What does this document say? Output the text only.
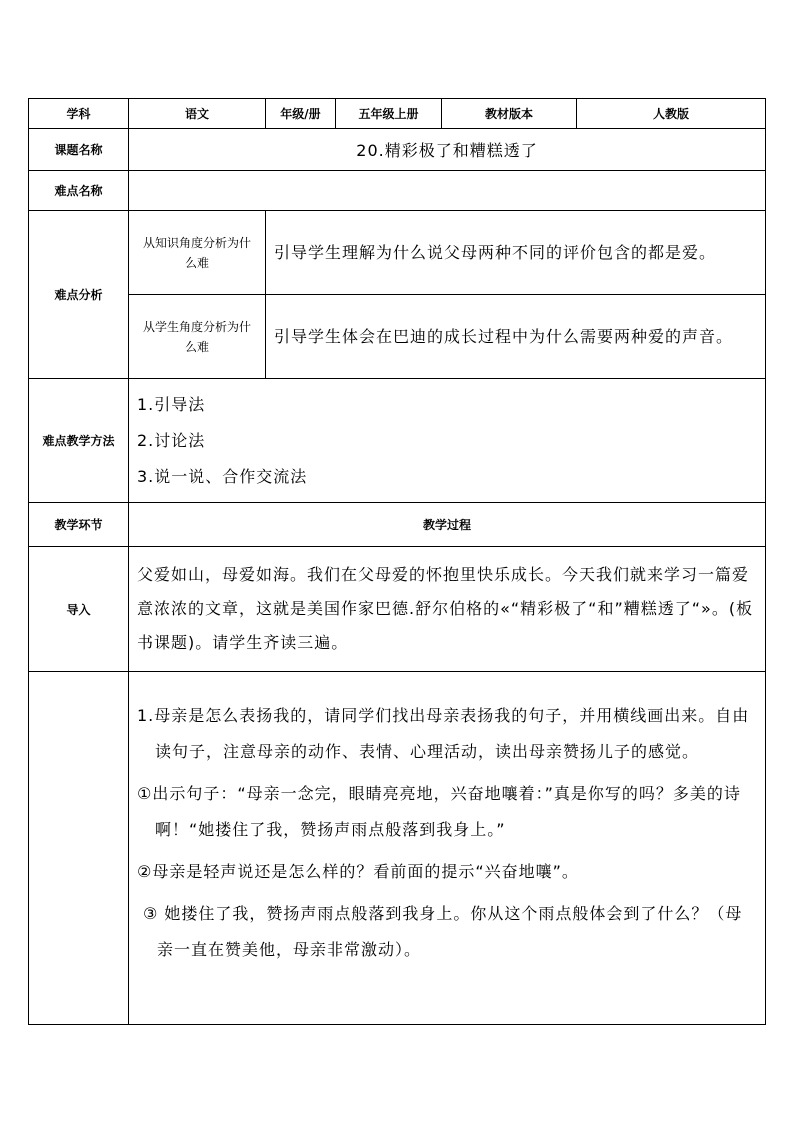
学科	语文	年级/册	五年级上册	教材版本	人教版
课题名称	20.精彩极了和糟糕透了				
难点名称					
难点分析	从知识角度分析为什么难	引导学生理解为什么说父母两种不同的评价包含的都是爱。			
	从学生角度分析为什么难	引导学生体会在巴迪的成长过程中为什么需要两种爱的声音。			
难点教学方法	1.引导法

2.讨论法

3.说一说、合作交流法				

教学环节	教学过程				
导入	父爱如山，母爱如海。我们在父母爱的怀抱里快乐成长。今天我们就来学习一篇爱意浓浓的文章，这就是美国作家巴德.舒尔伯格的«“精彩极了“和”糟糕透了“»。(板书课题)。请学生齐读三遍。				

	1.母亲是怎么表扬我的，请同学们找出母亲表扬我的句子，并用横线画出来。自由读句子，注意母亲的动作、表情、心理活动，读出母亲赞扬儿子的感觉。

①出示句子：“母亲一念完，眼睛亮亮地，兴奋地嚷着：”真是你写的吗？多美的诗啊！“她搂住了我，赞扬声雨点般落到我身上。”

②母亲是轻声说还是怎么样的？看前面的提示“兴奋地嚷”。

③ 她搂住了我，赞扬声雨点般落到我身上。你从这个雨点般体会到了什么？（母亲一直在赞美他，母亲非常激动）。				
